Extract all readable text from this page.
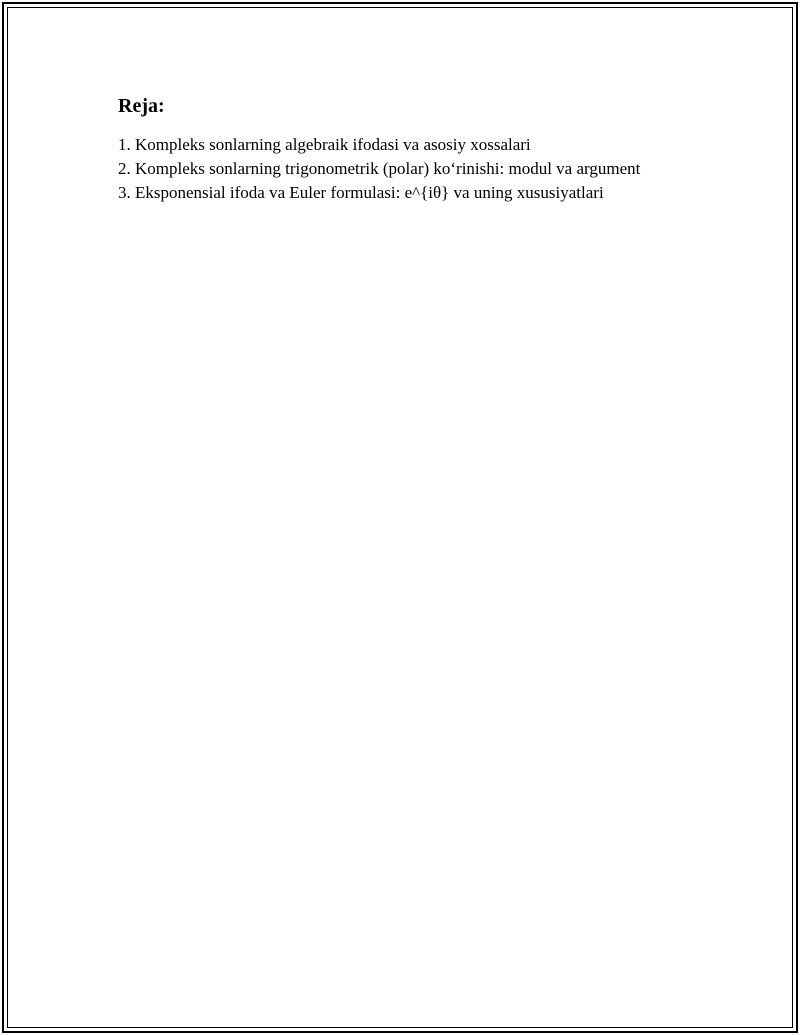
Reja:
1. Kompleks sonlarning algebraik ifodasi va asosiy xossalari
2. Kompleks sonlarning trigonometrik (polar) ko‘rinishi: modul va argument
3. Eksponensial ifoda va Euler formulasi: e^{iθ} va uning xususiyatlari
